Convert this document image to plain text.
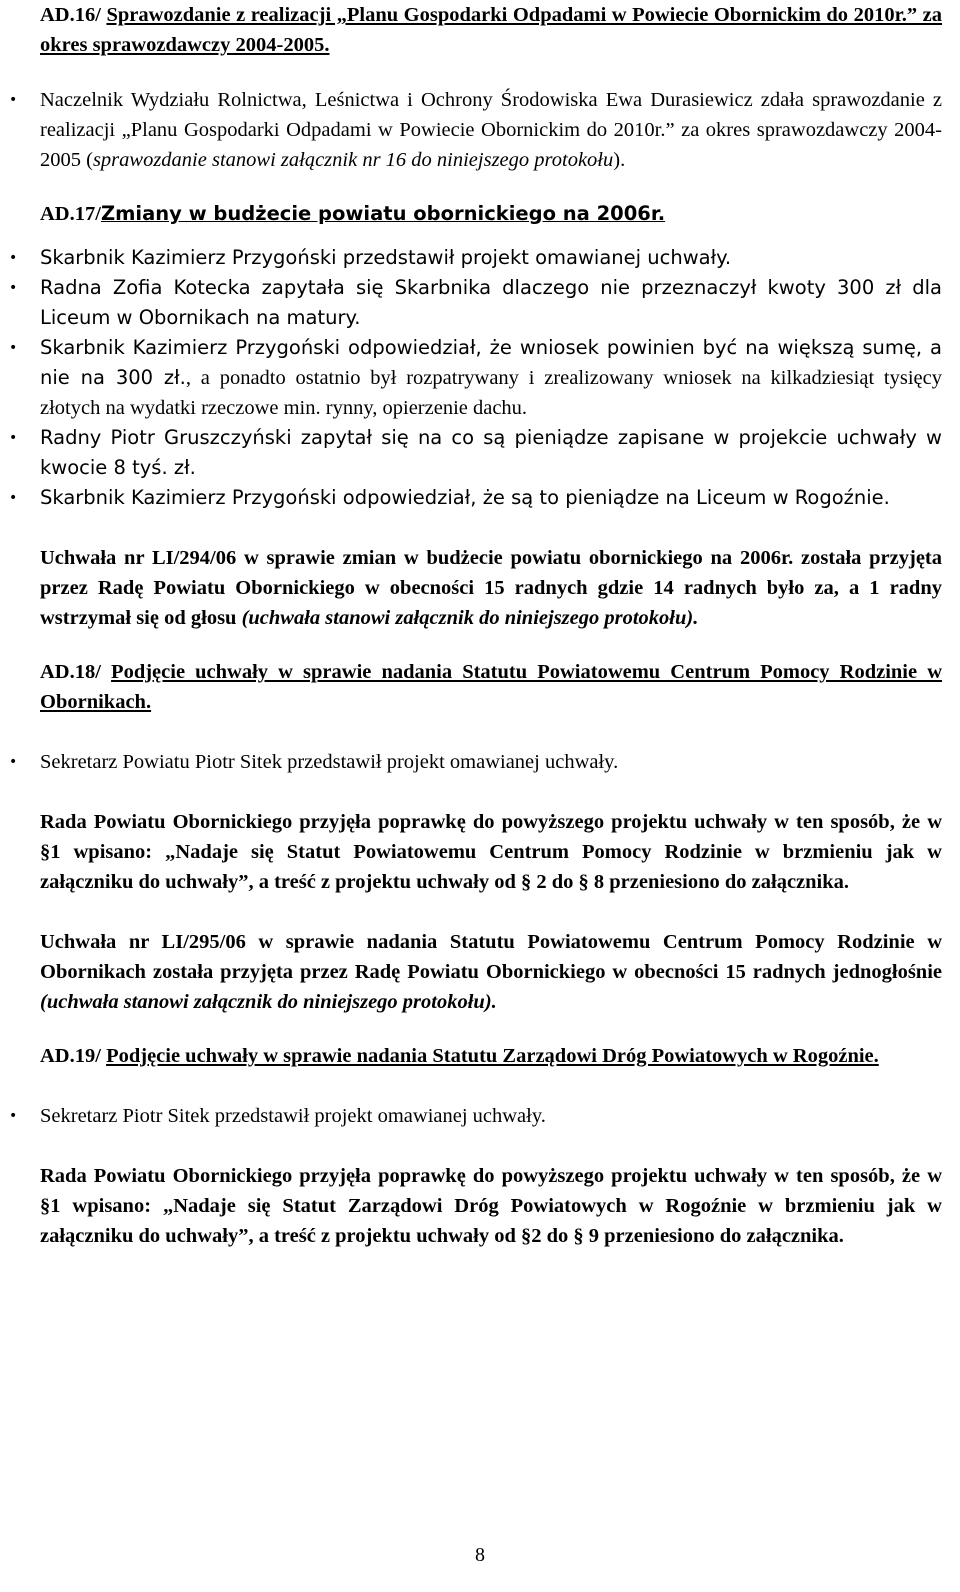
AD.16/ Sprawozdanie z realizacji „Planu Gospodarki Odpadami w Powiecie Obornickim do 2010r.” za okres sprawozdawczy 2004-2005.

• Naczelnik Wydziału Rolnictwa, Leśnictwa i Ochrony Środowiska Ewa Durasiewicz zdała sprawozdanie z realizacji „Planu Gospodarki Odpadami w Powiecie Obornickim do 2010r.” za okres sprawozdawczy 2004-2005 (sprawozdanie stanowi załącznik nr 16 do niniejszego protokołu).

AD.17/Zmiany w budżecie powiatu obornickiego na 2006r.

• Skarbnik Kazimierz Przygoński przedstawił projekt omawianej uchwały.
• Radna Zofia Kotecka zapytała się Skarbnika dlaczego nie przeznaczył kwoty 300 zł dla Liceum w Obornikach na matury.
• Skarbnik Kazimierz Przygoński odpowiedział, że wniosek powinien być na większą sumę, a nie na 300 zł., a ponadto ostatnio był rozpatrywany i zrealizowany wniosek na kilkadziesiąt tysięcy złotych na wydatki rzeczowe min. rynny, opierzenie dachu.
• Radny Piotr Gruszczyński zapytał się na co są pieniądze zapisane w projekcie uchwały w kwocie 8 tyś. zł.
• Skarbnik Kazimierz Przygoński odpowiedział, że są to pieniądze na Liceum w Rogoźnie.

Uchwała nr LI/294/06 w sprawie zmian w budżecie powiatu obornickiego na 2006r. została przyjęta przez Radę Powiatu Obornickiego w obecności 15 radnych gdzie 14 radnych było za, a 1 radny wstrzymał się od głosu (uchwała stanowi załącznik do niniejszego protokołu).

AD.18/ Podjęcie uchwały w sprawie nadania Statutu Powiatowemu Centrum Pomocy Rodzinie w Obornikach.

• Sekretarz Powiatu Piotr Sitek przedstawił projekt omawianej uchwały.

Rada Powiatu Obornickiego przyjęła poprawkę do powyższego projektu uchwały w ten sposób, że w §1 wpisano: „Nadaje się Statut Powiatowemu Centrum Pomocy Rodzinie w brzmieniu jak w załączniku do uchwały”, a treść z projektu uchwały od § 2 do § 8 przeniesiono do załącznika.

Uchwała nr LI/295/06 w sprawie nadania Statutu Powiatowemu Centrum Pomocy Rodzinie w Obornikach została przyjęta przez Radę Powiatu Obornickiego w obecności 15 radnych jednogłośnie (uchwała stanowi załącznik do niniejszego protokołu).

AD.19/ Podjęcie uchwały w sprawie nadania Statutu Zarządowi Dróg Powiatowych w Rogoźnie.

• Sekretarz Piotr Sitek przedstawił projekt omawianej uchwały.

Rada Powiatu Obornickiego przyjęła poprawkę do powyższego projektu uchwały w ten sposób, że w §1 wpisano: „Nadaje się Statut Zarządowi Dróg Powiatowych w Rogoźnie w brzmieniu jak w załączniku do uchwały”, a treść z projektu uchwały od §2 do § 9 przeniesiono do załącznika.

8
